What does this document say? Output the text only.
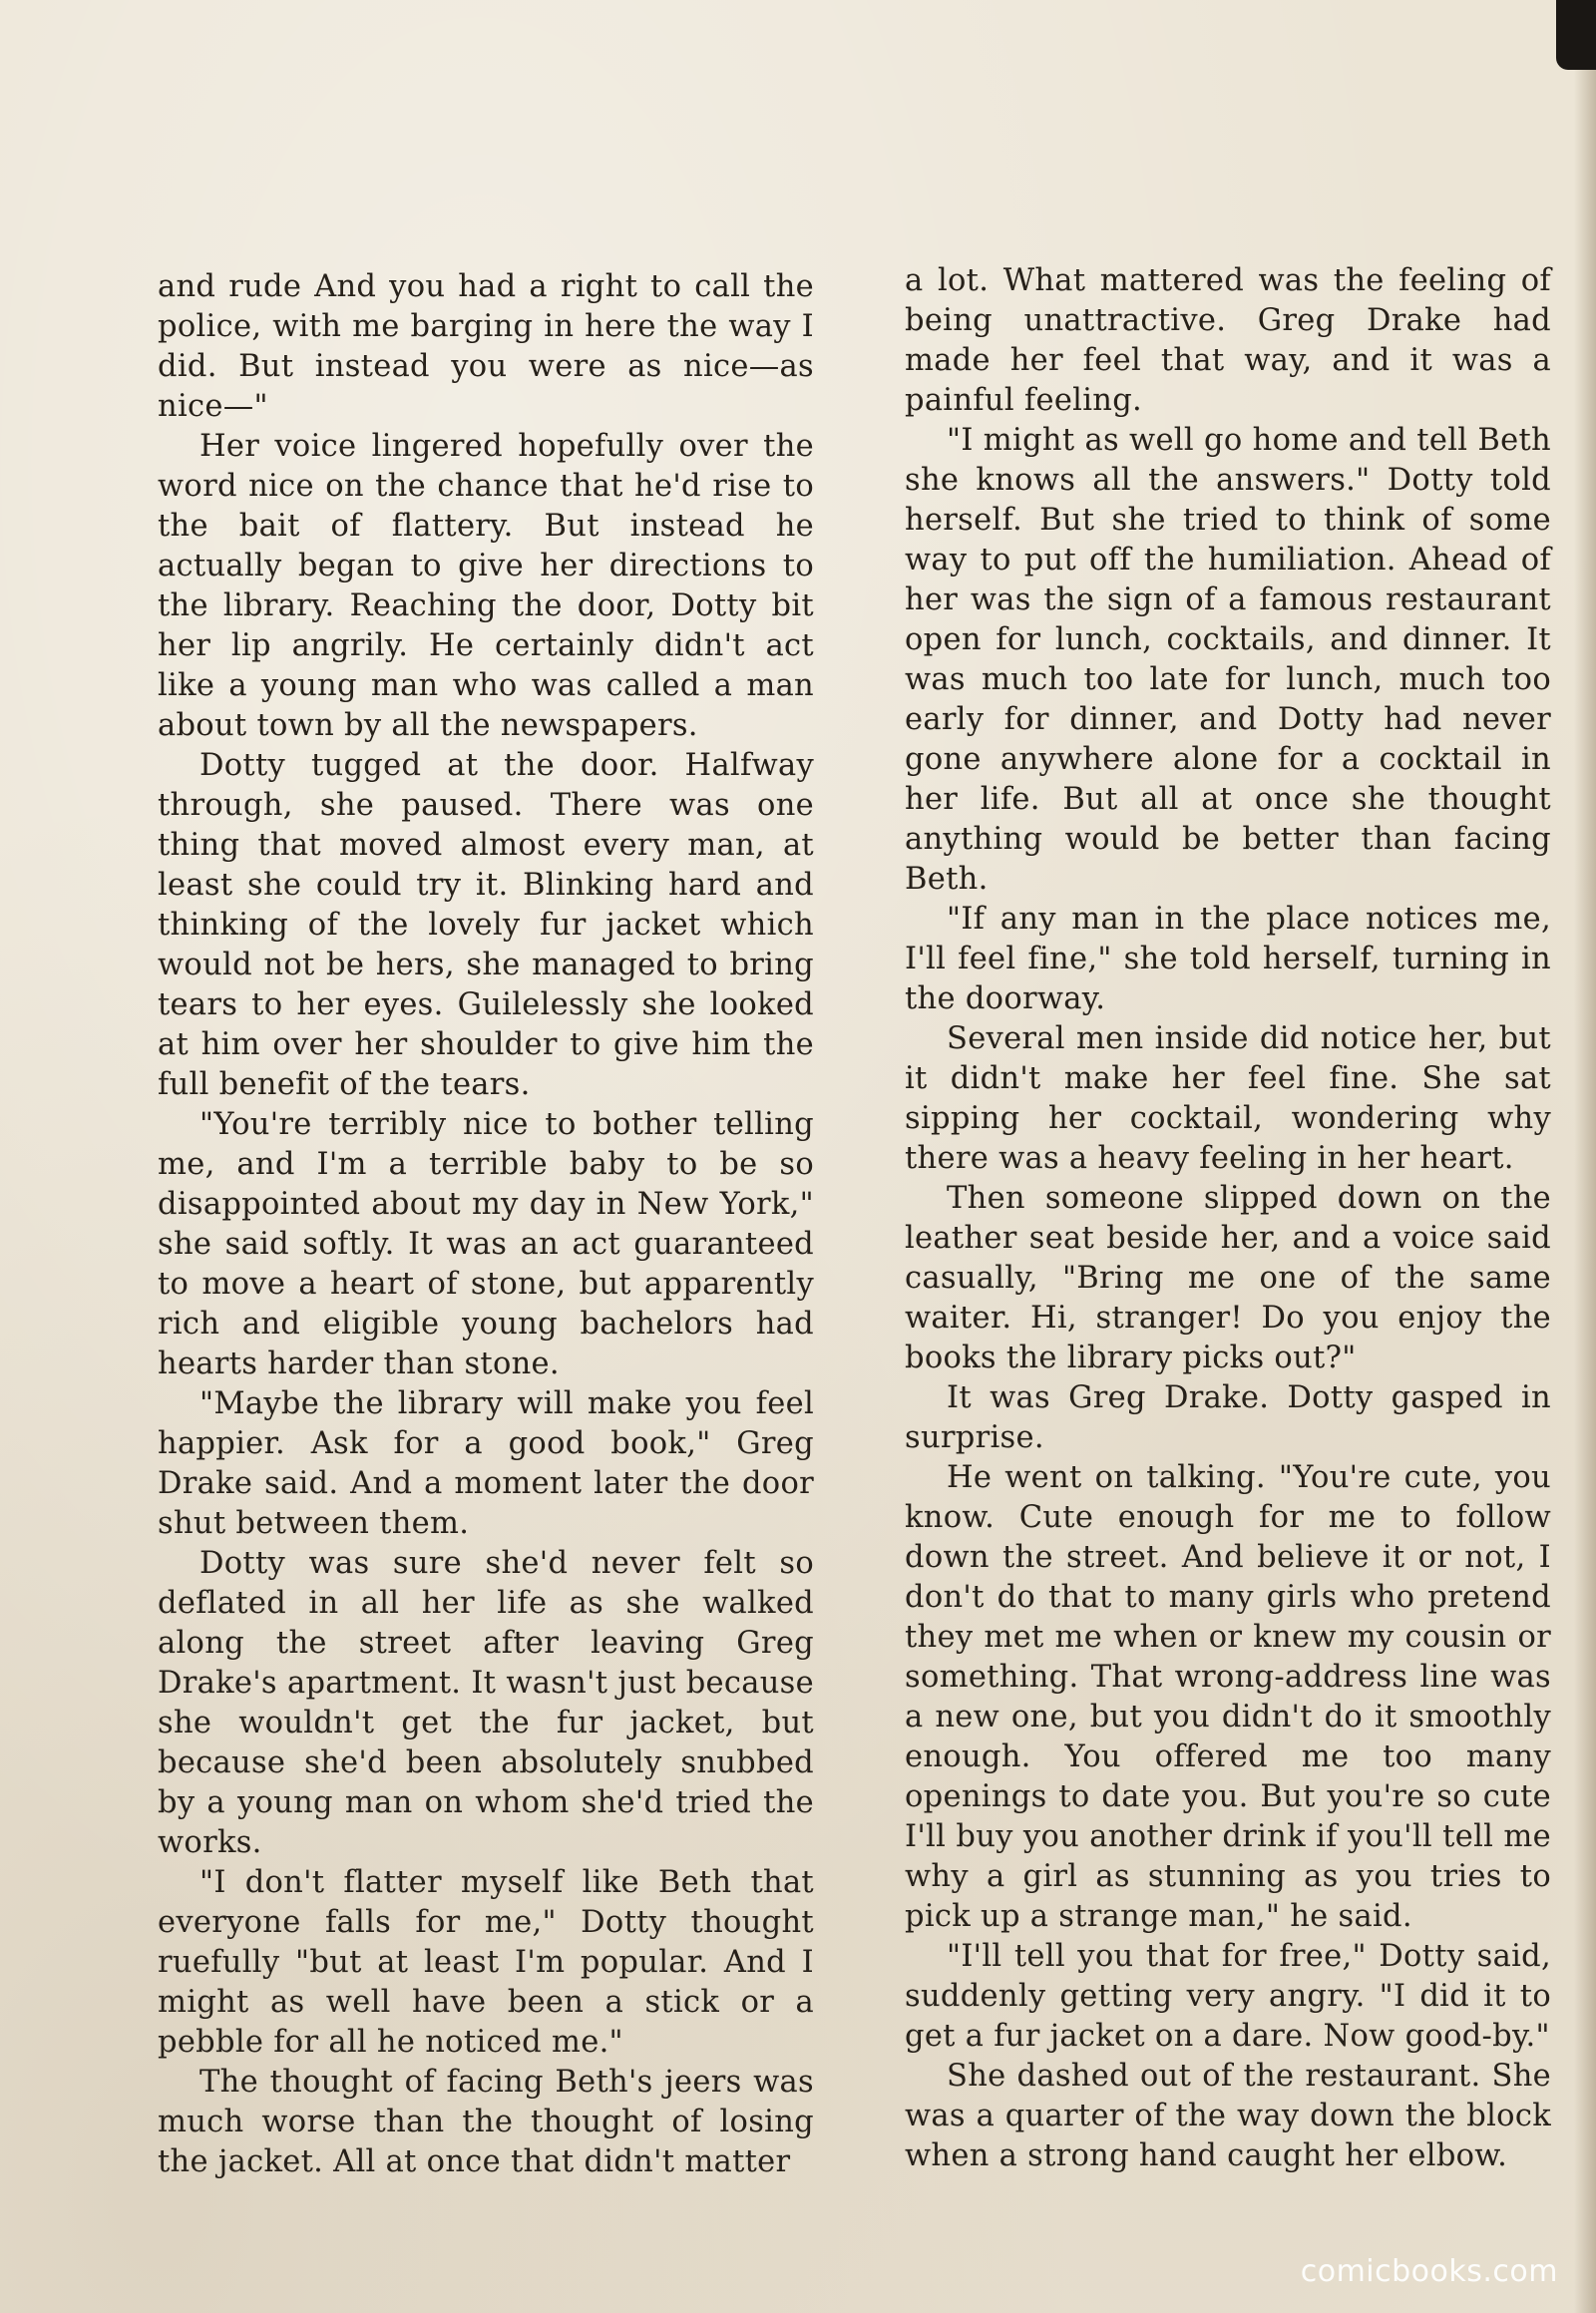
and rude And you had a right to call the police, with me barging in here the way I did. But instead you were as nice—as nice—"

Her voice lingered hopefully over the word nice on the chance that he'd rise to the bait of flattery. But instead he actually began to give her directions to the library. Reaching the door, Dotty bit her lip angrily. He certainly didn't act like a young man who was called a man about town by all the newspapers.

Dotty tugged at the door. Halfway through, she paused. There was one thing that moved almost every man, at least she could try it. Blinking hard and thinking of the lovely fur jacket which would not be hers, she managed to bring tears to her eyes. Guilelessly she looked at him over her shoulder to give him the full benefit of the tears.

"You're terribly nice to bother telling me, and I'm a terrible baby to be so disappointed about my day in New York," she said softly. It was an act guaranteed to move a heart of stone, but apparently rich and eligible young bachelors had hearts harder than stone.

"Maybe the library will make you feel happier. Ask for a good book," Greg Drake said. And a moment later the door shut between them.

Dotty was sure she'd never felt so deflated in all her life as she walked along the street after leaving Greg Drake's apartment. It wasn't just because she wouldn't get the fur jacket, but because she'd been absolutely snubbed by a young man on whom she'd tried the works.

"I don't flatter myself like Beth that everyone falls for me," Dotty thought ruefully "but at least I'm popular. And I might as well have been a stick or a pebble for all he noticed me."

The thought of facing Beth's jeers was much worse than the thought of losing the jacket. All at once that didn't matter

a lot. What mattered was the feeling of being unattractive. Greg Drake had made her feel that way, and it was a painful feeling.

"I might as well go home and tell Beth she knows all the answers." Dotty told herself. But she tried to think of some way to put off the humiliation. Ahead of her was the sign of a famous restaurant open for lunch, cocktails, and dinner. It was much too late for lunch, much too early for dinner, and Dotty had never gone anywhere alone for a cocktail in her life. But all at once she thought anything would be better than facing Beth.

"If any man in the place notices me, I'll feel fine," she told herself, turning in the doorway.

Several men inside did notice her, but it didn't make her feel fine. She sat sipping her cocktail, wondering why there was a heavy feeling in her heart.

Then someone slipped down on the leather seat beside her, and a voice said casually, "Bring me one of the same waiter. Hi, stranger! Do you enjoy the books the library picks out?"

It was Greg Drake. Dotty gasped in surprise.

He went on talking. "You're cute, you know. Cute enough for me to follow down the street. And believe it or not, I don't do that to many girls who pretend they met me when or knew my cousin or something. That wrong-address line was a new one, but you didn't do it smoothly enough. You offered me too many openings to date you. But you're so cute I'll buy you another drink if you'll tell me why a girl as stunning as you tries to pick up a strange man," he said.

"I'll tell you that for free," Dotty said, suddenly getting very angry. "I did it to get a fur jacket on a dare. Now good-by."

She dashed out of the restaurant. She was a quarter of the way down the block when a strong hand caught her elbow.

comicbooks.com
